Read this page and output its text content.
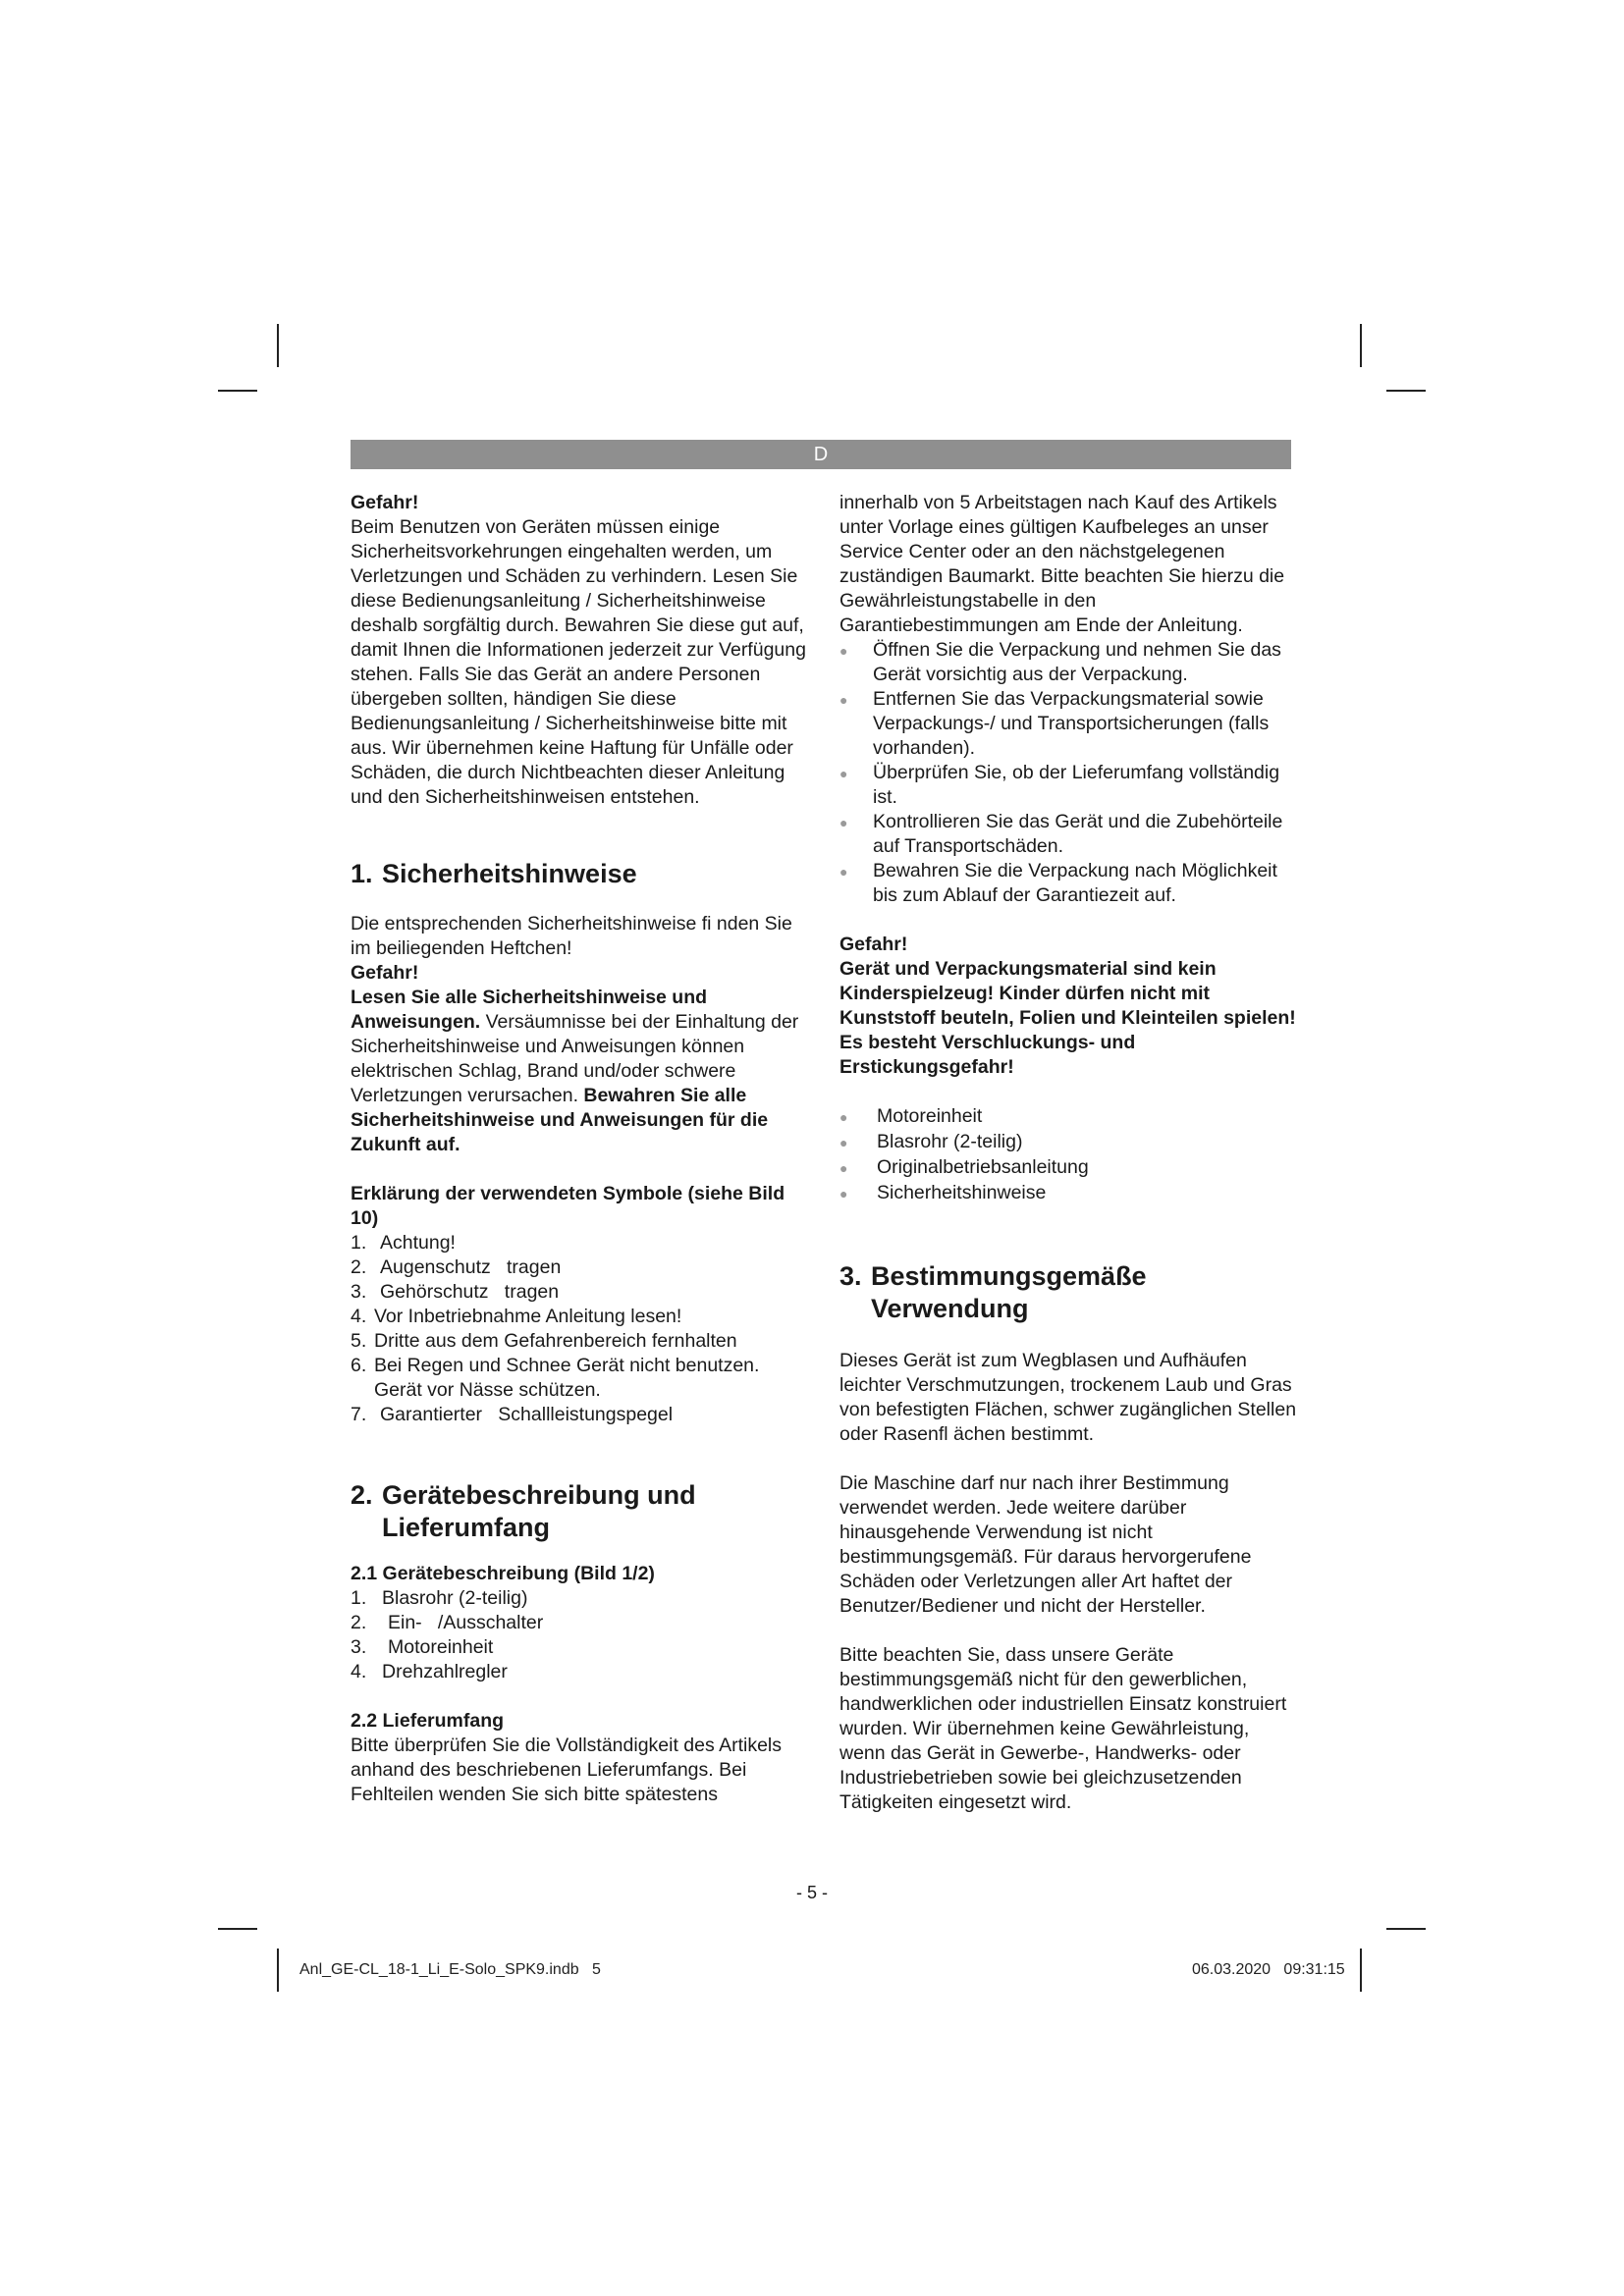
D

Gefahr!

Beim Benutzen von Geräten müssen einige Sicherheitsvorkehrungen eingehalten werden, um Verletzungen und Schäden zu verhindern. Lesen Sie diese Bedienungsanleitung / Sicherheitshinweise deshalb sorgfältig durch. Bewahren Sie diese gut auf, damit Ihnen die Informationen jederzeit zur Verfügung stehen. Falls Sie das Gerät an andere Personen übergeben sollten, händigen Sie diese Bedienungsanleitung / Sicherheitshinweise bitte mit aus. Wir übernehmen keine Haftung für Unfälle oder Schäden, die durch Nichtbeachten dieser Anleitung und den Sicherheitshinweisen entstehen.

1. Sicherheitshinweise

Die entsprechenden Sicherheitshinweise fi nden Sie im beiliegenden Heftchen!

Gefahr!

Lesen Sie alle Sicherheitshinweise und Anweisungen. Versäumnisse bei der Einhaltung der Sicherheitshinweise und Anweisungen können elektrischen Schlag, Brand und/oder schwere Verletzungen verursachen. Bewahren Sie alle Sicherheitshinweise und Anweisungen für die Zukunft auf.

Erklärung der verwendeten Symbole (siehe Bild 10)

1. Achtung!
2. Augenschutz   tragen
3. Gehörschutz   tragen
4. Vor Inbetriebnahme Anleitung lesen!
5. Dritte aus dem Gefahrenbereich fernhalten
6. Bei Regen und Schnee Gerät nicht benutzen. Gerät vor Nässe schützen.
7. Garantierter   Schallleistungspegel
2. Gerätebeschreibung und
Lieferumfang

2.1 Gerätebeschreibung (Bild 1/2)

1. Blasrohr (2-teilig)
2.	Ein-   /Ausschalter
3.	Motoreinheit
4. Drehzahlregler

2.2 Lieferumfang

Bitte überprüfen Sie die Vollständigkeit des Artikels anhand des beschriebenen Lieferumfangs. Bei Fehlteilen wenden Sie sich bitte spätestens

innerhalb von 5 Arbeitstagen nach Kauf des Artikels unter Vorlage eines gültigen Kaufbeleges an unser Service Center oder an den nächstgelegenen zuständigen Baumarkt. Bitte beachten Sie hierzu die Gewährleistungstabelle in den Garantiebestimmungen am Ende der Anleitung.

●	Öffnen Sie die Verpackung und nehmen Sie das Gerät vorsichtig aus der Verpackung.
●	Entfernen Sie das Verpackungsmaterial sowie Verpackungs-/ und Transportsicherungen (falls vorhanden).
●	Überprüfen Sie, ob der Lieferumfang vollständig ist.
●	Kontrollieren Sie das Gerät und die Zubehörteile auf Transportschäden.
●	Bewahren Sie die Verpackung nach Möglichkeit bis zum Ablauf der Garantiezeit auf.

Gefahr!

Gerät und Verpackungsmaterial sind kein Kinderspielzeug! Kinder dürfen nicht mit Kunststoff beuteln, Folien und Kleinteilen spielen! Es besteht Verschluckungs- und Erstickungsgefahr!

●	Motoreinheit
●	Blasrohr (2-teilig)
●	Originalbetriebsanleitung
●	Sicherheitshinweise
3. Bestimmungsgemäße
Verwendung

Dieses Gerät ist zum Wegblasen und Aufhäufen leichter Verschmutzungen, trockenem Laub und Gras von befestigten Flächen, schwer zugänglichen Stellen oder Rasenfl ächen bestimmt.

Die Maschine darf nur nach ihrer Bestimmung verwendet werden. Jede weitere darüber hinausgehende Verwendung ist nicht bestimmungsgemäß. Für daraus hervorgerufene Schäden oder Verletzungen aller Art haftet der Benutzer/Bediener und nicht der Hersteller.

Bitte beachten Sie, dass unsere Geräte bestimmungsgemäß nicht für den gewerblichen, handwerklichen oder industriellen Einsatz konstruiert wurden. Wir übernehmen keine Gewährleistung, wenn das Gerät in Gewerbe-, Handwerks- oder Industriebetrieben sowie bei gleichzusetzenden Tätigkeiten eingesetzt wird.

- 5 -
Anl_GE-CL_18-1_Li_E-Solo_SPK9.indb   5	06.03.2020   09:31:15
